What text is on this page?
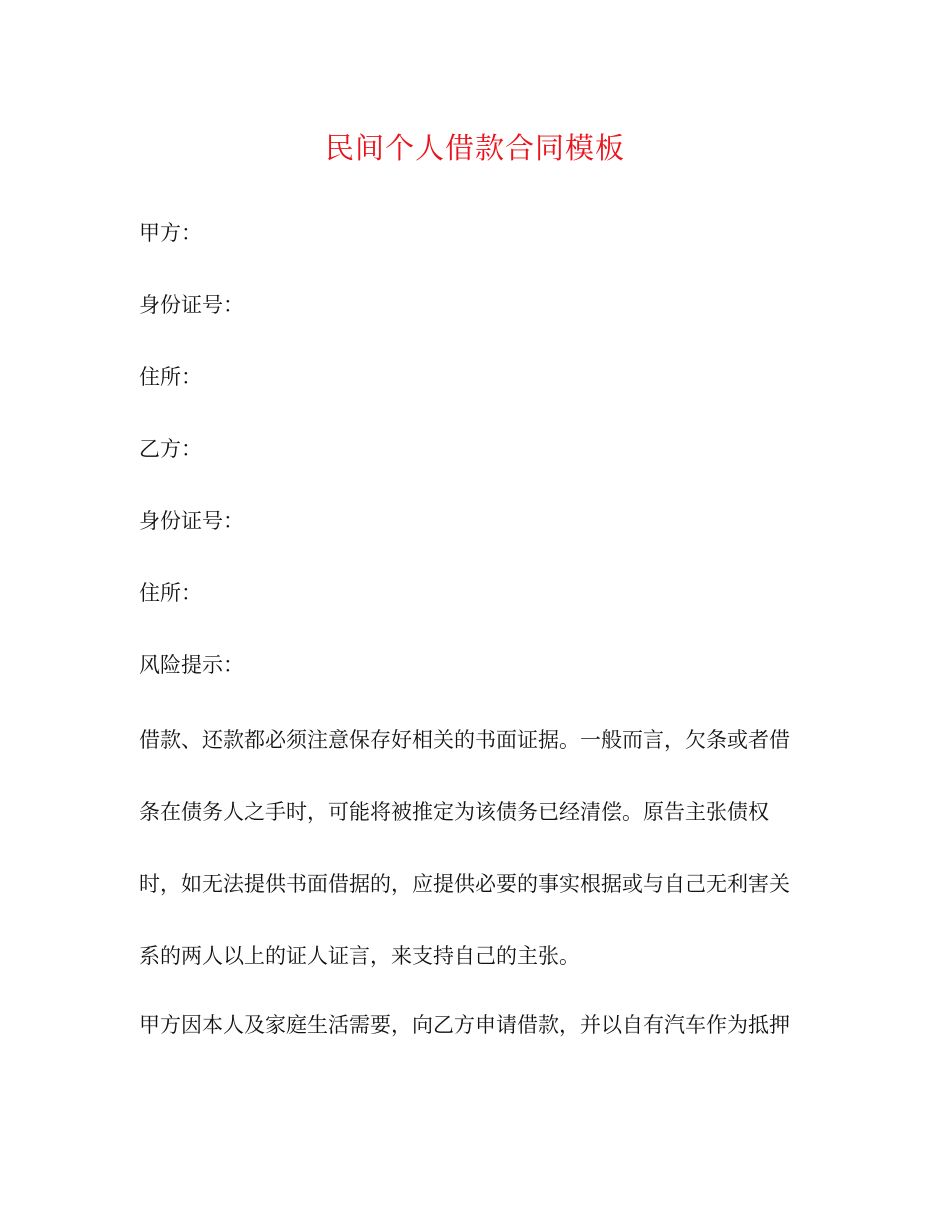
民间个人借款合同模板

甲方：

身份证号：

住所：

乙方：

身份证号：

住所：

风险提示：

借款、还款都必须注意保存好相关的书面证据。一般而言，欠条或者借
条在债务人之手时，可能将被推定为该债务已经清偿。原告主张债权
时，如无法提供书面借据的，应提供必要的事实根据或与自己无利害关
系的两人以上的证人证言，来支持自己的主张。

甲方因本人及家庭生活需要，向乙方申请借款，并以自有汽车作为抵押
